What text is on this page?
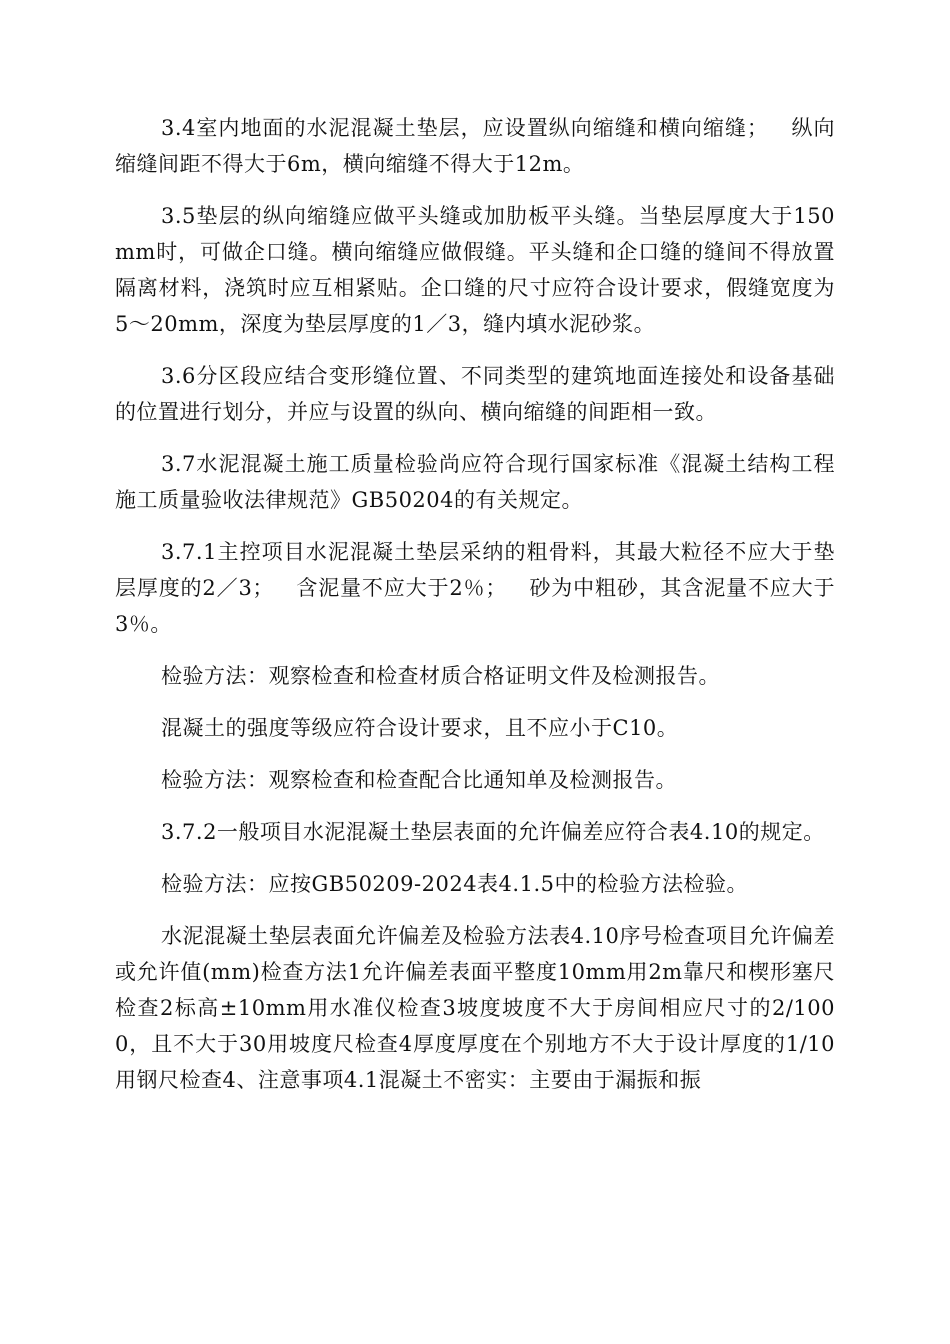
3.4室内地面的水泥混凝土垫层，应设置纵向缩缝和横向缩缝；   纵向缩缝间距不得大于6m，横向缩缝不得大于12m。

3.5垫层的纵向缩缝应做平头缝或加肋板平头缝。当垫层厚度大于150mm时，可做企口缝。横向缩缝应做假缝。平头缝和企口缝的缝间不得放置隔离材料，浇筑时应互相紧贴。企口缝的尺寸应符合设计要求，假缝宽度为5～20mm，深度为垫层厚度的1／3，缝内填水泥砂浆。

3.6分区段应结合变形缝位置、不同类型的建筑地面连接处和设备基础的位置进行划分，并应与设置的纵向、横向缩缝的间距相一致。

3.7水泥混凝土施工质量检验尚应符合现行国家标准《混凝土结构工程施工质量验收法律规范》GB50204的有关规定。

3.7.1主控项目水泥混凝土垫层采纳的粗骨料，其最大粒径不应大于垫层厚度的2／3；   含泥量不应大于2％；   砂为中粗砂，其含泥量不应大于3％。

检验方法：观察检查和检查材质合格证明文件及检测报告。

混凝土的强度等级应符合设计要求，且不应小于C10。

检验方法：观察检查和检查配合比通知单及检测报告。

3.7.2一般项目水泥混凝土垫层表面的允许偏差应符合表4.10的规定。

检验方法：应按GB50209-2024表4.1.5中的检验方法检验。

水泥混凝土垫层表面允许偏差及检验方法表4.10序号检查项目允许偏差或允许值(mm)检查方法1允许偏差表面平整度10mm用2m靠尺和楔形塞尺检查2标高±10mm用水准仪检查3坡度坡度不大于房间相应尺寸的2/1000，且不大于30用坡度尺检查4厚度厚度在个别地方不大于设计厚度的1/10用钢尺检查4、注意事项4.1混凝土不密实：主要由于漏振和振
